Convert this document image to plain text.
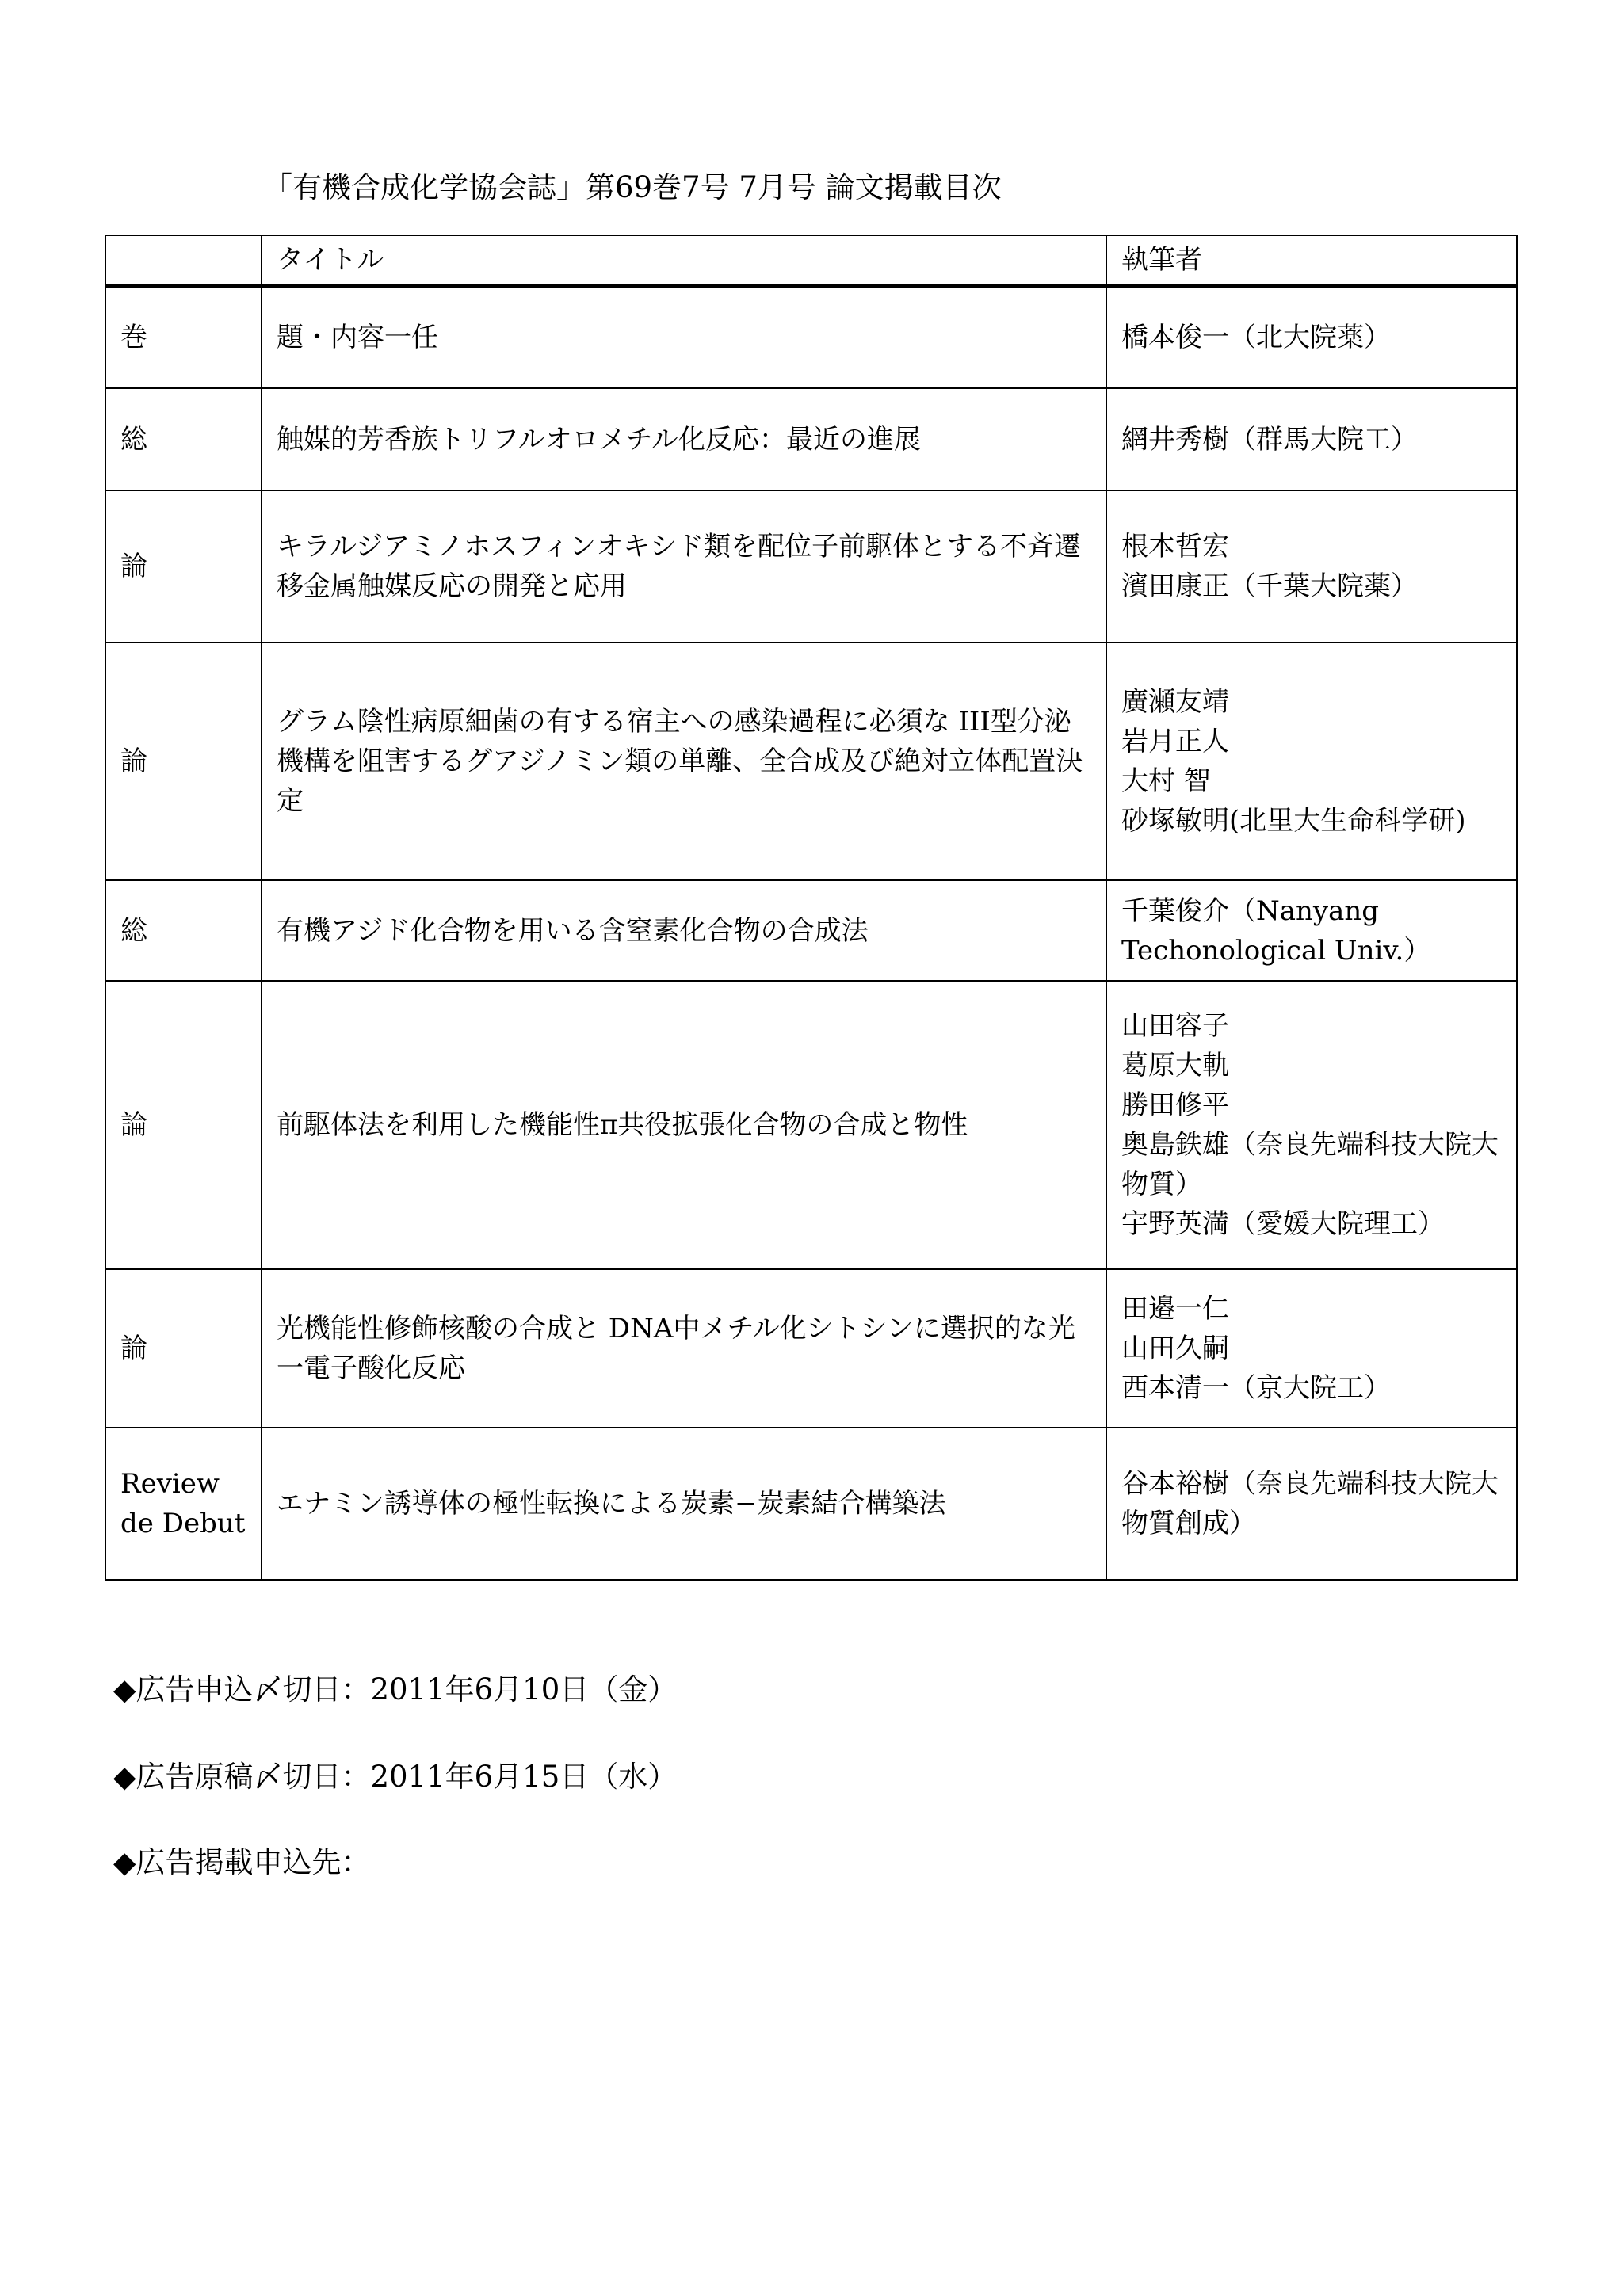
「有機合成化学協会誌」第69巻7号 7月号 論文掲載目次
	タイトル	執筆者
巻	題・内容一任	橋本俊一（北大院薬）

総	触媒的芳香族トリフルオロメチル化反応：最近の進展	網井秀樹（群馬大院工）

論	キラルジアミノホスフィンオキシド類を配位子前駆体とする不斉遷移金属触媒反応の開発と応用	根本哲宏
濱田康正（千葉大院薬）

論	グラム陰性病原細菌の有する宿主への感染過程に必須な III型分泌機構を阻害するグアジノミン類の単離、全合成及び絶対立体配置決定	廣瀬友靖
岩月正人
大村 智
砂塚敏明(北里大生命科学研)
総	有機アジド化合物を用いる含窒素化合物の合成法	千葉俊介（Nanyang Techonological Univ.）
論	前駆体法を利用した機能性π共役拡張化合物の合成と物性	山田容子
葛原大軌
勝田修平
奥島鉄雄（奈良先端科技大院大物質）
宇野英満（愛媛大院理工）

論	光機能性修飾核酸の合成と DNA中メチル化シトシンに選択的な光一電子酸化反応	田邉一仁
山田久嗣
西本清一（京大院工）

Review de Debut	エナミン誘導体の極性転換による炭素−炭素結合構築法	谷本裕樹（奈良先端科技大院大物質創成）
◆広告申込〆切日：2011年6月10日（金）
◆広告原稿〆切日：2011年6月15日（水）
◆広告掲載申込先：
